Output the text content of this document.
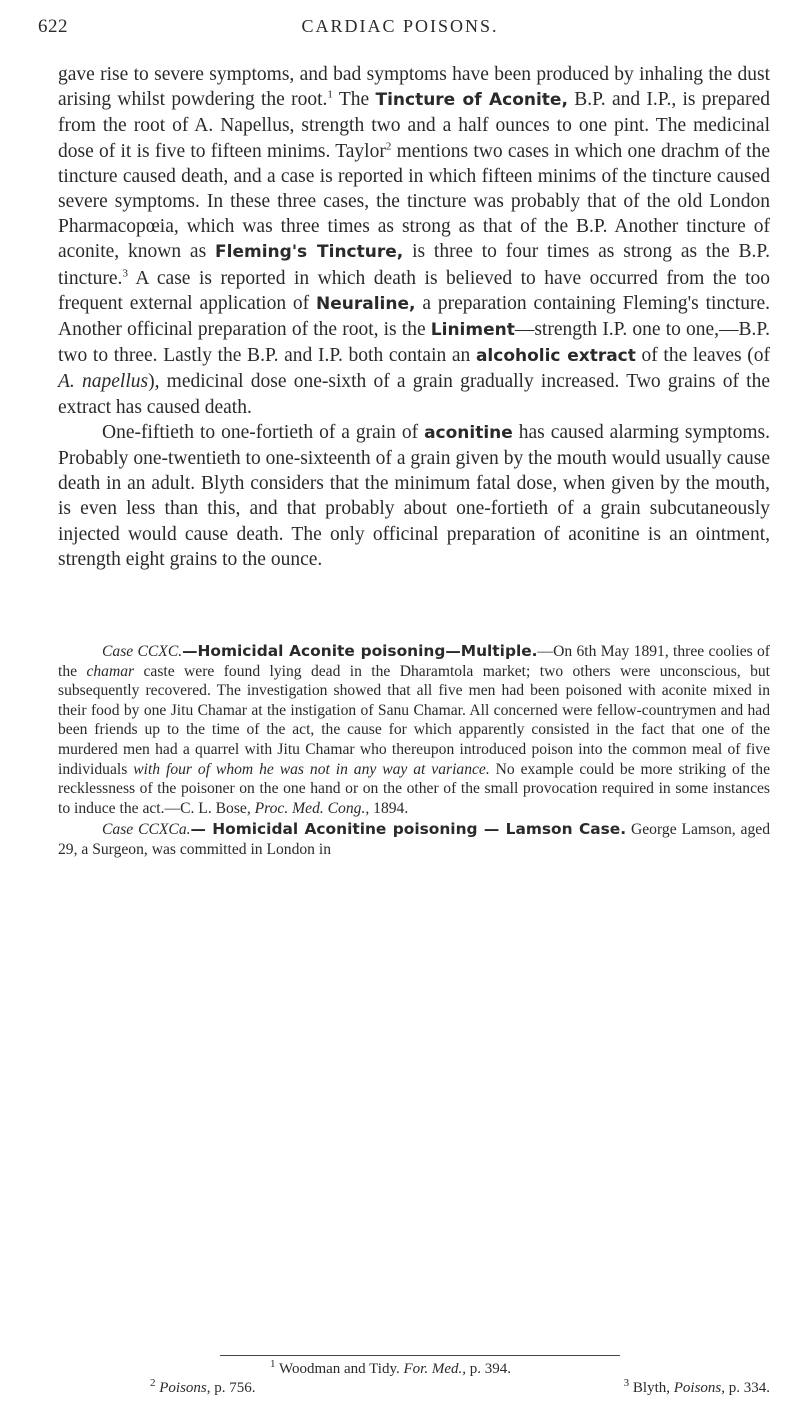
622	CARDIAC POISONS.

gave rise to severe symptoms, and bad symptoms have been produced by inhaling the dust arising whilst powdering the root.$^1$ The Tincture of Aconite, B.P. and I.P., is prepared from the root of A. Napellus, strength two and a half ounces to one pint. The medicinal dose of it is five to fifteen minims. Taylor$^2$ mentions two cases in which one drachm of the tincture caused death, and a case is reported in which fifteen minims of the tincture caused severe symptoms. In these three cases, the tincture was probably that of the old London Pharmacopœia, which was three times as strong as that of the B.P. Another tincture of aconite, known as Fleming's Tincture, is three to four times as strong as the B.P. tincture.$^3$ A case is reported in which death is believed to have occurred from the too frequent external application of Neuraline, a preparation containing Fleming's tincture. Another officinal preparation of the root, is the Liniment—strength I.P. one to one,—B.P. two to three. Lastly the B.P. and I.P. both contain an alcoholic extract of the leaves (of A. napellus), medicinal dose one-sixth of a grain gradually increased. Two grains of the extract has caused death.

One-fiftieth to one-fortieth of a grain of aconitine has caused alarming symptoms. Probably one-twentieth to one-sixteenth of a grain given by the mouth would usually cause death in an adult. Blyth considers that the minimum fatal dose, when given by the mouth, is even less than this, and that probably about one-fortieth of a grain subcutaneously injected would cause death. The only officinal preparation of aconitine is an ointment, strength eight grains to the ounce.

Case CCXC.—Homicidal Aconite poisoning—Multiple.—On 6th May 1891, three coolies of the chamar caste were found lying dead in the Dharamtola market; two others were unconscious, but subsequently recovered. The investigation showed that all five men had been poisoned with aconite mixed in their food by one Jitu Chamar at the instigation of Sanu Chamar. All concerned were fellow-countrymen and had been friends up to the time of the act, the cause for which apparently consisted in the fact that one of the murdered men had a quarrel with Jitu Chamar who thereupon introduced poison into the common meal of five individuals with four of whom he was not in any way at variance. No example could be more striking of the recklessness of the poisoner on the one hand or on the other of the small provocation required in some instances to induce the act.—C. L. Bose, Proc. Med. Cong., 1894.

Case CCXCa.— Homicidal Aconitine poisoning — Lamson Case. George Lamson, aged 29, a Surgeon, was committed in London in

$^1$ Woodman and Tidy. For. Med., p. 394.
$^2$ Poisons, p. 756.	$^3$ Blyth, Poisons, p. 334.
